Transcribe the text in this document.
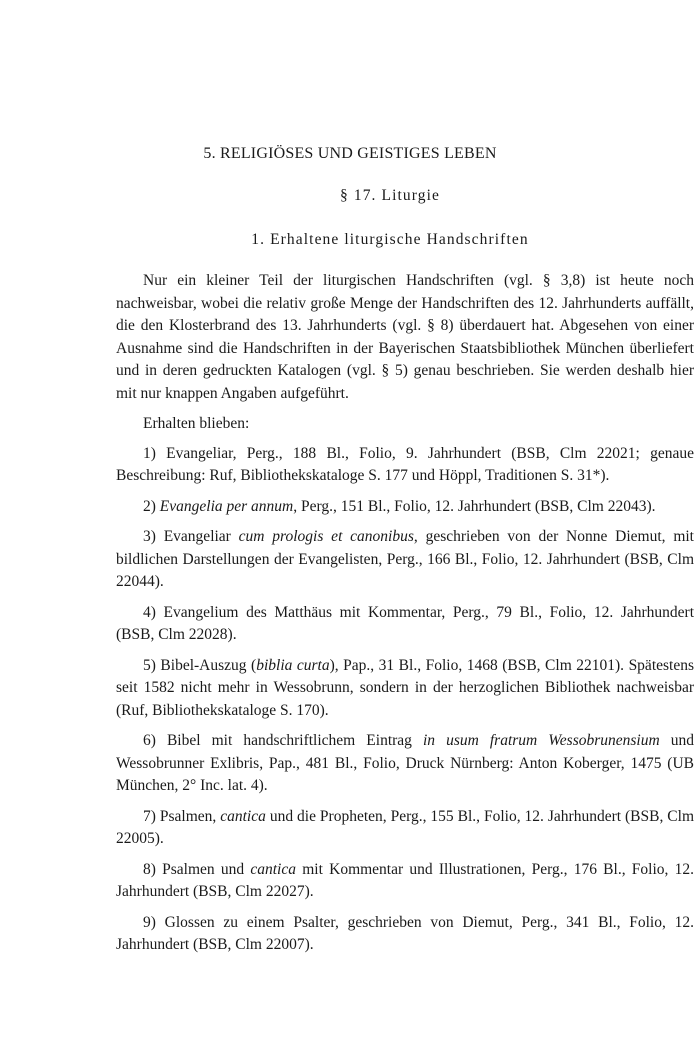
5. RELIGIÖSES UND GEISTIGES LEBEN
§ 17. Liturgie
1. Erhaltene liturgische Handschriften

Nur ein kleiner Teil der liturgischen Handschriften (vgl. § 3,8) ist heute noch nachweisbar, wobei die relativ große Menge der Handschriften des 12. Jahrhunderts auffällt, die den Klosterbrand des 13. Jahrhunderts (vgl. § 8) überdauert hat. Abgesehen von einer Ausnahme sind die Handschriften in der Bayerischen Staatsbibliothek München überliefert und in deren gedruckten Katalogen (vgl. § 5) genau beschrieben. Sie werden deshalb hier mit nur knappen Angaben aufgeführt.

Erhalten blieben:

1) Evangeliar, Perg., 188 Bl., Folio, 9. Jahrhundert (BSB, Clm 22021; genaue Beschreibung: Ruf, Bibliothekskataloge S. 177 und Höppl, Traditionen S. 31*).

2) Evangelia per annum, Perg., 151 Bl., Folio, 12. Jahrhundert (BSB, Clm 22043).

3) Evangeliar cum prologis et canonibus, geschrieben von der Nonne Diemut, mit bildlichen Darstellungen der Evangelisten, Perg., 166 Bl., Folio, 12. Jahrhundert (BSB, Clm 22044).

4) Evangelium des Matthäus mit Kommentar, Perg., 79 Bl., Folio, 12. Jahrhundert (BSB, Clm 22028).

5) Bibel-Auszug (biblia curta), Pap., 31 Bl., Folio, 1468 (BSB, Clm 22101). Spätestens seit 1582 nicht mehr in Wessobrunn, sondern in der herzoglichen Bibliothek nachweisbar (Ruf, Bibliothekskataloge S. 170).

6) Bibel mit handschriftlichem Eintrag in usum fratrum Wessobrunensium und Wessobrunner Exlibris, Pap., 481 Bl., Folio, Druck Nürnberg: Anton Koberger, 1475 (UB München, 2° Inc. lat. 4).

7) Psalmen, cantica und die Propheten, Perg., 155 Bl., Folio, 12. Jahrhundert (BSB, Clm 22005).

8) Psalmen und cantica mit Kommentar und Illustrationen, Perg., 176 Bl., Folio, 12. Jahrhundert (BSB, Clm 22027).

9) Glossen zu einem Psalter, geschrieben von Diemut, Perg., 341 Bl., Folio, 12. Jahrhundert (BSB, Clm 22007).
